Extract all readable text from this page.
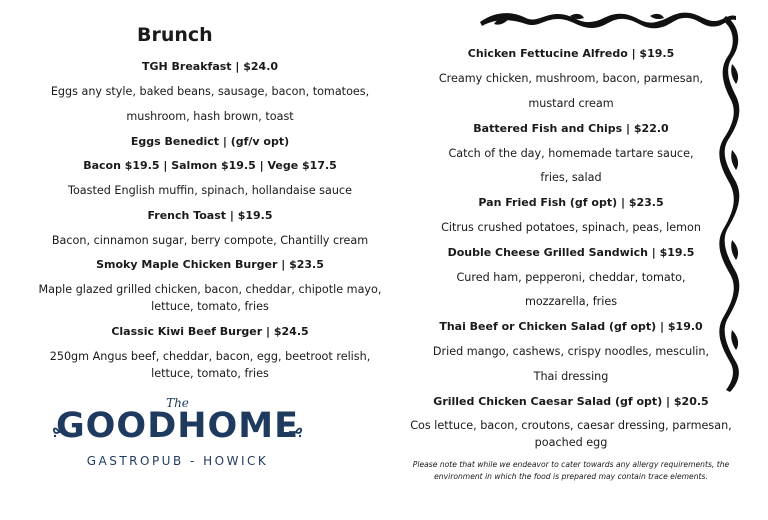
Brunch
TGH Breakfast | $24.0
Eggs any style, baked beans, sausage, bacon, tomatoes,
mushroom, hash brown, toast
Eggs Benedict | (gf/v opt)
Bacon $19.5 | Salmon $19.5 | Vege $17.5
Toasted English muffin, spinach, hollandaise sauce
French Toast | $19.5
Bacon, cinnamon sugar, berry compote, Chantilly cream
Smoky Maple Chicken Burger | $23.5
Maple glazed grilled chicken, bacon, cheddar, chipotle mayo,
lettuce, tomato, fries
Classic Kiwi Beef Burger | $24.5
250gm Angus beef, cheddar, bacon, egg, beetroot relish,
lettuce, tomato, fries
The
GOODHOME
GASTROPUB - HOWICK
Chicken Fettucine Alfredo | $19.5
Creamy chicken, mushroom, bacon, parmesan,
mustard cream
Battered Fish and Chips | $22.0
Catch of the day, homemade tartare sauce,
fries, salad
Pan Fried Fish (gf opt) | $23.5
Citrus crushed potatoes, spinach, peas, lemon
Double Cheese Grilled Sandwich | $19.5
Cured ham, pepperoni, cheddar, tomato,
mozzarella, fries
Thai Beef or Chicken Salad (gf opt) | $19.0
Dried mango, cashews, crispy noodles, mesculin,
Thai dressing
Grilled Chicken Caesar Salad (gf opt) | $20.5
Cos lettuce, bacon, croutons, caesar dressing, parmesan,
poached egg
Please note that while we endeavor to cater towards any allergy requirements, the
environment in which the food is prepared may contain trace elements.
